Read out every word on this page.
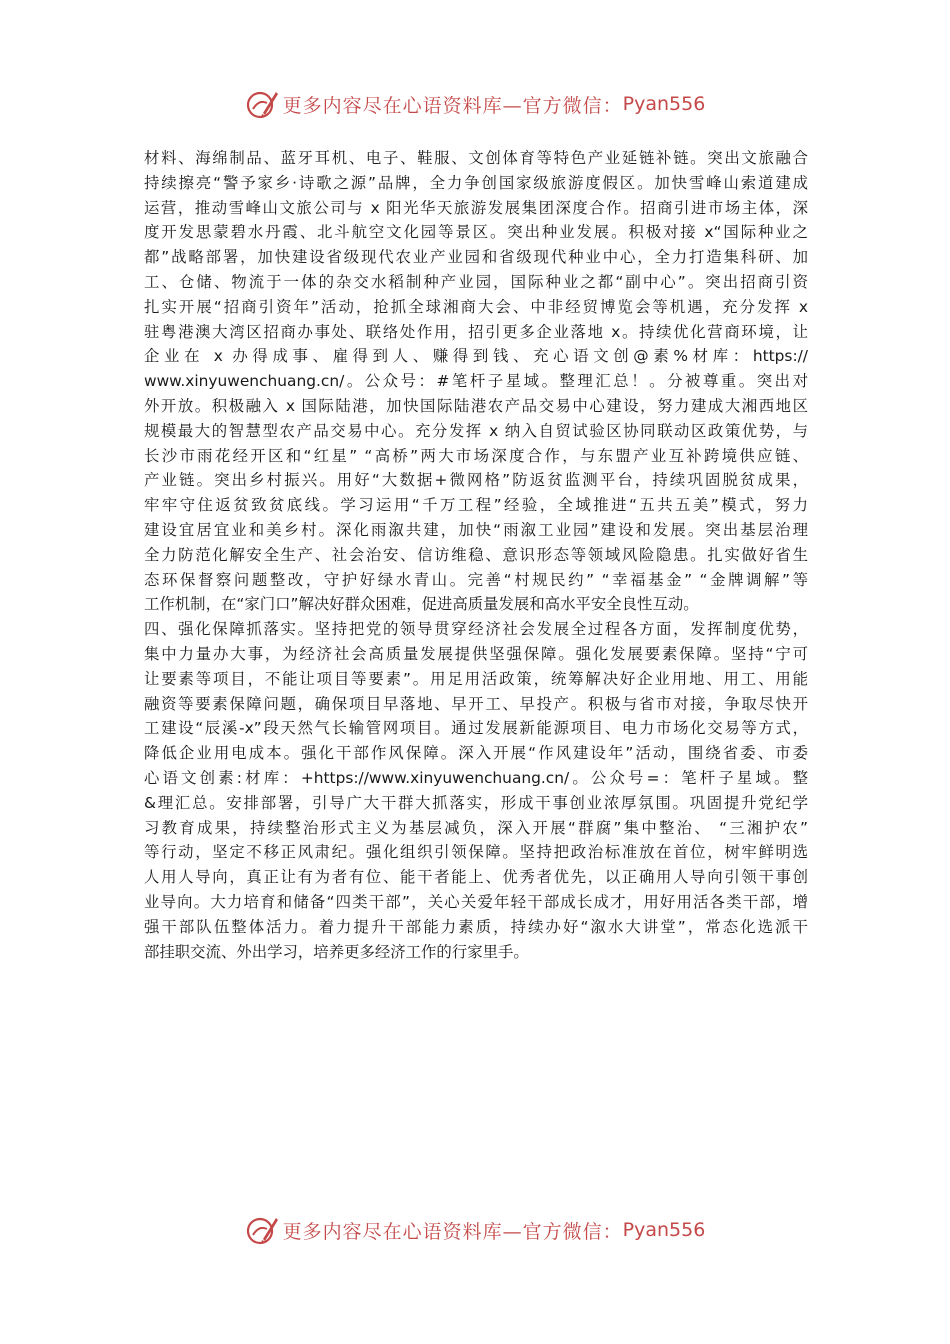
更多内容尽在心语资料库—官方微信： Pyan556
材料、海绵制品、蓝牙耳机、电子、鞋服、文创体育等特色产业延链补链。突出文旅融合
持续擦亮“警予家乡·诗歌之源”品牌，全力争创国家级旅游度假区。加快雪峰山索道建成
运营，推动雪峰山文旅公司与 x 阳光华天旅游发展集团深度合作。招商引进市场主体，深
度开发思蒙碧水丹霞、北斗航空文化园等景区。突出种业发展。积极对接 x“国际种业之
都”战略部署，加快建设省级现代农业产业园和省级现代种业中心，全力打造集科研、加
工、仓储、物流于一体的杂交水稻制种产业园，国际种业之都“副中心”。突出招商引资
扎实开展“招商引资年”活动，抢抓全球湘商大会、中非经贸博览会等机遇，充分发挥 x
驻粤港澳大湾区招商办事处、联络处作用，招引更多企业落地 x。持续优化营商环境，让
企业在 x 办得成事、雇得到人、赚得到钱、充心语文创@素%材库：https://
www.xinyuwenchuang.cn/。公众号：#笔杆子星域。整理汇总！。分被尊重。突出对
外开放。积极融入 x 国际陆港，加快国际陆港农产品交易中心建设，努力建成大湘西地区
规模最大的智慧型农产品交易中心。充分发挥 x 纳入自贸试验区协同联动区政策优势，与
长沙市雨花经开区和“红星” “高桥”两大市场深度合作，与东盟产业互补跨境供应链、
产业链。突出乡村振兴。用好“大数据+微网格”防返贫监测平台，持续巩固脱贫成果，
牢牢守住返贫致贫底线。学习运用“千万工程”经验，全域推进“五共五美”模式，努力
建设宜居宜业和美乡村。深化雨溆共建，加快“雨溆工业园”建设和发展。突出基层治理
全力防范化解安全生产、社会治安、信访维稳、意识形态等领域风险隐患。扎实做好省生
态环保督察问题整改，守护好绿水青山。完善“村规民约” “幸福基金” “金牌调解”等
工作机制，在“家门口”解决好群众困难，促进高质量发展和高水平安全良性互动。
四、强化保障抓落实。坚持把党的领导贯穿经济社会发展全过程各方面，发挥制度优势，
集中力量办大事，为经济社会高质量发展提供坚强保障。强化发展要素保障。坚持“宁可
让要素等项目，不能让项目等要素”。用足用活政策，统筹解决好企业用地、用工、用能
融资等要素保障问题，确保项目早落地、早开工、早投产。积极与省市对接，争取尽快开
工建设“辰溪-x”段天然气长输管网项目。通过发展新能源项目、电力市场化交易等方式，
降低企业用电成本。强化干部作风保障。深入开展“作风建设年”活动，围绕省委、市委
心语文创素:材库：+https://www.xinyuwenchuang.cn/。公众号=：笔杆子星域。整
&理汇总。安排部署，引导广大干群大抓落实，形成干事创业浓厚氛围。巩固提升党纪学
习教育成果，持续整治形式主义为基层减负，深入开展“群腐”集中整治、 “三湘护农”
等行动，坚定不移正风肃纪。强化组织引领保障。坚持把政治标准放在首位，树牢鲜明选
人用人导向，真正让有为者有位、能干者能上、优秀者优先，以正确用人导向引领干事创
业导向。大力培育和储备“四类干部”，关心关爱年轻干部成长成才，用好用活各类干部，增
强干部队伍整体活力。着力提升干部能力素质，持续办好“溆水大讲堂”，常态化选派干
部挂职交流、外出学习，培养更多经济工作的行家里手。
更多内容尽在心语资料库—官方微信： Pyan556
